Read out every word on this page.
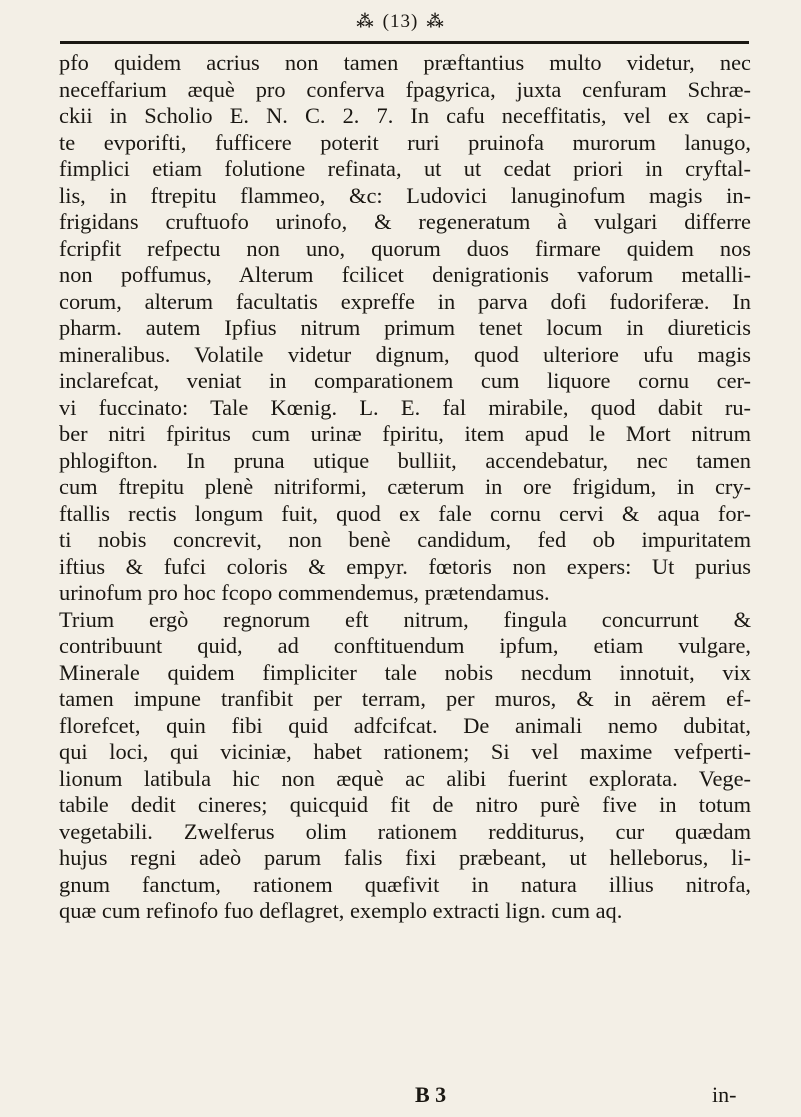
⁂ (13) ⁂
pfo quidem acrius non tamen præftantius multo videtur, nec
neceffarium æquè pro conferva fpagyrica, juxta cenfuram Schræ-
ckii in Scholio E. N. C. 2. 7. In cafu neceffitatis, vel ex capi-
te evporifti, fufficere poterit ruri pruinofa murorum lanugo,
fimplici etiam folutione refinata, ut ut cedat priori in cryftal-
lis, in ftrepitu flammeo, &c: Ludovici lanuginofum magis in-
frigidans cruftuofo urinofo, & regeneratum à vulgari differre
fcripfit refpectu non uno, quorum duos firmare quidem nos
non poffumus, Alterum fcilicet denigrationis vaforum metalli-
corum, alterum facultatis expreffe in parva dofi fudoriferæ. In
pharm. autem Ipfius nitrum primum tenet locum in diureticis
mineralibus. Volatile videtur dignum, quod ulteriore ufu magis
inclarefcat, veniat in comparationem cum liquore cornu cer-
vi fuccinato: Tale Kœnig. L. E. fal mirabile, quod dabit ru-
ber nitri fpiritus cum urinæ fpiritu, item apud le Mort nitrum
phlogifton. In pruna utique bulliit, accendebatur, nec tamen
cum ftrepitu plenè nitriformi, cæterum in ore frigidum, in cry-
ftallis rectis longum fuit, quod ex fale cornu cervi & aqua for-
ti nobis concrevit, non benè candidum, fed ob impuritatem
iftius & fufci coloris & empyr. fœtoris non expers: Ut purius
urinofum pro hoc fcopo commendemus, prætendamus.
Trium ergò regnorum eft nitrum, fingula concurrunt &
contribuunt quid, ad conftituendum ipfum, etiam vulgare,
Minerale quidem fimpliciter tale nobis necdum innotuit, vix
tamen impune tranfibit per terram, per muros, & in aërem ef-
florefcet, quin fibi quid adfcifcat. De animali nemo dubitat,
qui loci, qui viciniæ, habet rationem; Si vel maxime vefperti-
lionum latibula hic non æquè ac alibi fuerint explorata. Vege-
tabile dedit cineres; quicquid fit de nitro purè five in totum
vegetabili. Zwelferus olim rationem redditurus, cur quædam
hujus regni adeò parum falis fixi præbeant, ut helleborus, li-
gnum fanctum, rationem quæfivit in natura illius nitrofa,
quæ cum refinofo fuo deflagret, exemplo extracti lign. cum aq.
B 3	in-
